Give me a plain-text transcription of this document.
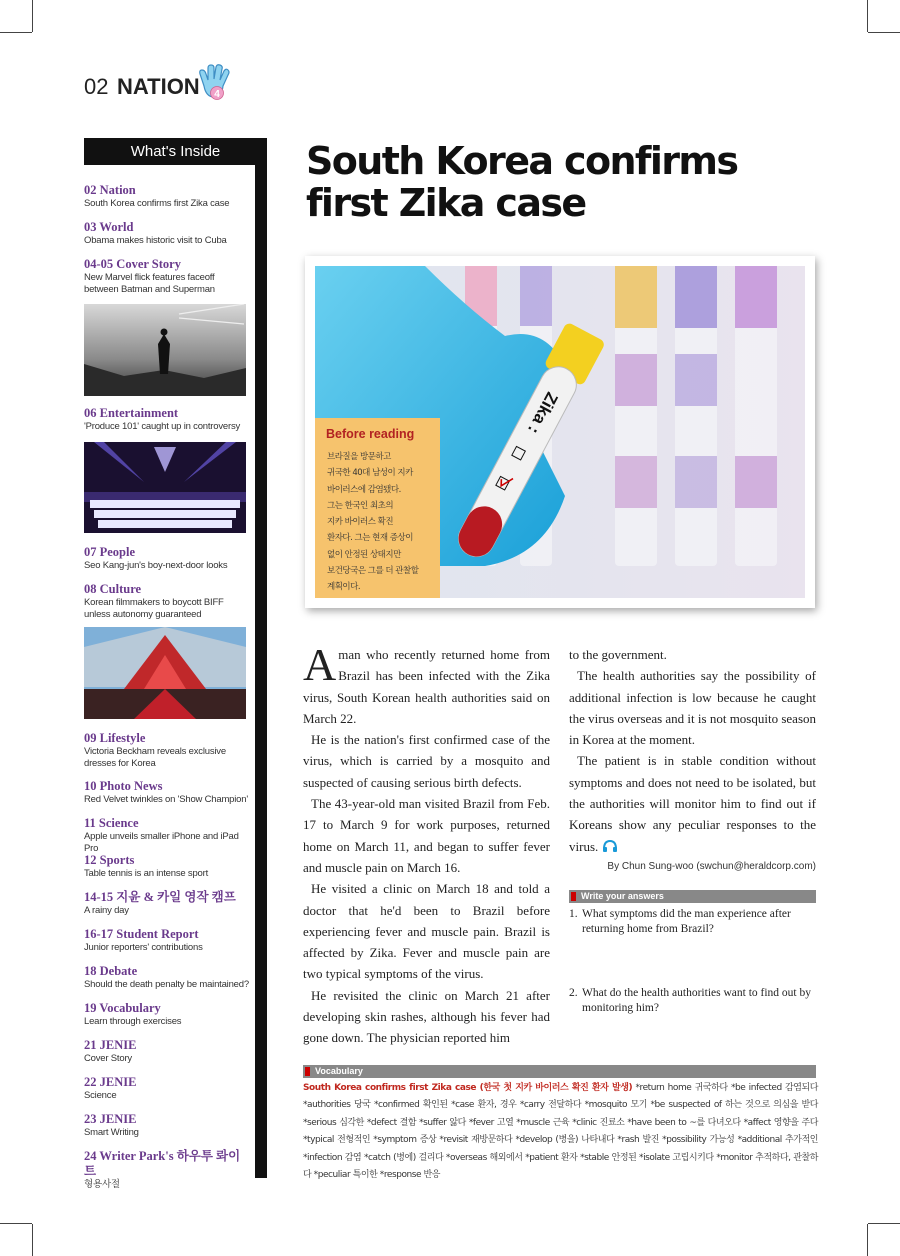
02 NATION 4
What's Inside
02 Nation
South Korea confirms first Zika case
03 World
Obama makes historic visit to Cuba
04-05 Cover Story
New Marvel flick features faceoff between Batman and Superman
06 Entertainment
'Produce 101' caught up in controversy
07 People
Seo Kang-jun's boy-next-door looks
08 Culture
Korean filmmakers to boycott BIFF unless autonomy guaranteed
09 Lifestyle
Victoria Beckham reveals exclusive dresses for Korea
10 Photo News
Red Velvet twinkles on 'Show Champion'
11 Science
Apple unveils smaller iPhone and iPad Pro
12 Sports
Table tennis is an intense sport
14-15 지윤 & 카일 영작 캠프
A rainy day
16-17 Student Report
Junior reporters' contributions
18 Debate
Should the death penalty be maintained?
19 Vocabulary
Learn through exercises
21 JENIE
Cover Story
22 JENIE
Science
23 JENIE
Smart Writing
24 Writer Park's 하우투 롸이트
형용사절
South Korea confirms
first Zika case
Zika :
Before reading
브라질을 방문하고
귀국한 40대 남성이 지카
바이러스에 감염됐다.
그는 한국인 최초의
지카 바이러스 확진
환자다. 그는 현재 증상이
없이 안정된 상태지만
보건당국은 그를 더 관찰할
계획이다.

Aman who recently returned home from Brazil has been infected with the Zika virus, South Korean health authorities said on March 22.

He is the nation's first confirmed case of the virus, which is carried by a mosquito and suspected of causing serious birth defects.

The 43-year-old man visited Brazil from Feb. 17 to March 9 for work purposes, returned home on March 11, and began to suffer fever and muscle pain on March 16.

He visited a clinic on March 18 and told a doctor that he'd been to Brazil before experiencing fever and muscle pain. Brazil is affected by Zika. Fever and muscle pain are two typical symptoms of the virus.

He revisited the clinic on March 21 after developing skin rashes, although his fever had gone down. The physician reported him

to the government.

The health authorities say the possibility of additional infection is low because he caught the virus overseas and it is not mosquito season in Korea at the moment.

The patient is in stable condition without symptoms and does not need to be isolated, but the authorities will monitor him to find out if Koreans show any peculiar responses to the virus.

By Chun Sung-woo (swchun@heraldcorp.com)
Write your answers
1. What symptoms did the man experience after returning home from Brazil?
2. What do the health authorities want to find out by monitoring him?
Vocabulary
South Korea confirms first Zika case (한국 첫 지카 바이러스 확진 환자 발생) *return home 귀국하다 *be infected 감염되다 *authorities 당국 *confirmed 확인된 *case 환자, 경우 *carry 전달하다 *mosquito 모기 *be suspected of 하는 것으로 의심을 받다 *serious 심각한 *defect 결함 *suffer 앓다 *fever 고열 *muscle 근육 *clinic 진료소 *have been to ~를 다녀오다 *affect 영향을 주다 *typical 전형적인 *symptom 증상 *revisit 재방문하다 *develop (병을) 나타내다 *rash 발진 *possibility 가능성 *additional 추가적인 *infection 감염 *catch (병에) 걸리다 *overseas 해외에서 *patient 환자 *stable 안정된 *isolate 고립시키다 *monitor 추적하다, 관찰하다 *peculiar 특이한 *response 반응
